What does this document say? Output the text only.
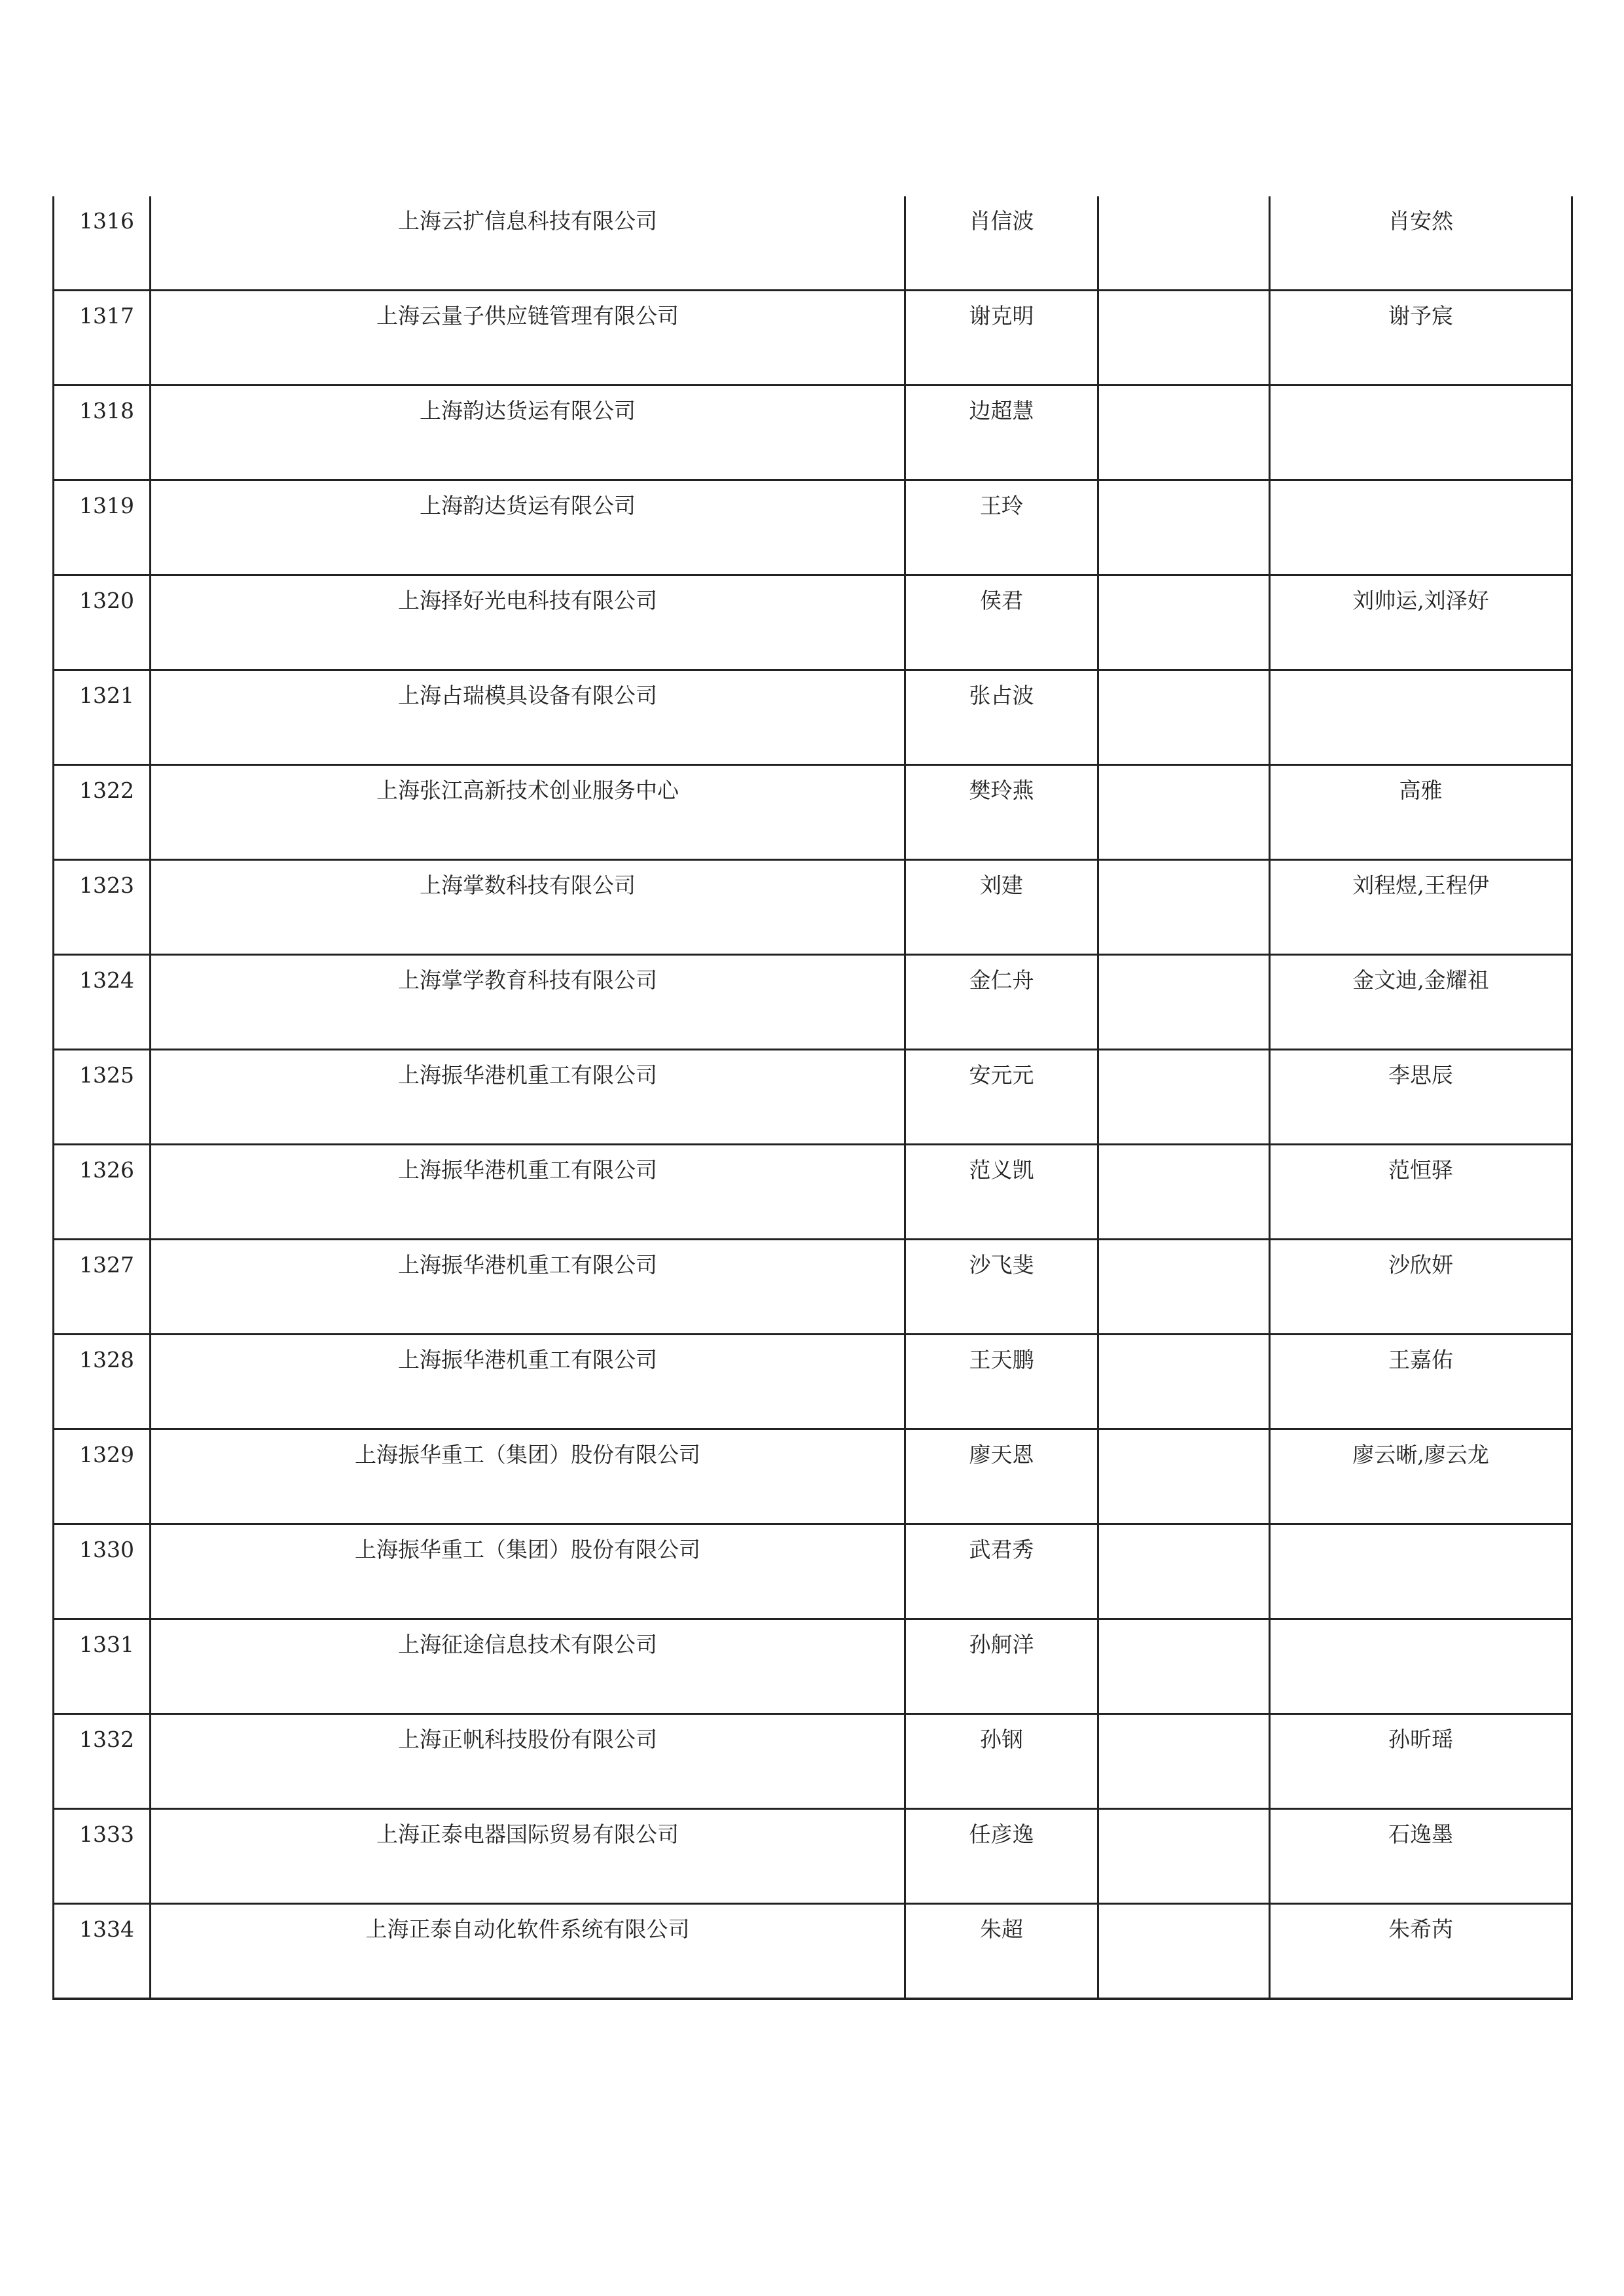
1316	上海云扩信息科技有限公司	肖信波		肖安然

1317	上海云量子供应链管理有限公司	谢克明		谢予宸

1318	上海韵达货运有限公司	边超慧		

1319	上海韵达货运有限公司	王玲		

1320	上海择好光电科技有限公司	侯君		刘帅运,刘泽好

1321	上海占瑞模具设备有限公司	张占波		

1322	上海张江高新技术创业服务中心	樊玲燕		高雅

1323	上海掌数科技有限公司	刘建		刘程煜,王程伊

1324	上海掌学教育科技有限公司	金仁舟		金文迪,金耀祖

1325	上海振华港机重工有限公司	安元元		李思辰

1326	上海振华港机重工有限公司	范义凯		范恒驿

1327	上海振华港机重工有限公司	沙飞斐		沙欣妍

1328	上海振华港机重工有限公司	王天鹏		王嘉佑

1329	上海振华重工（集团）股份有限公司	廖天恩		廖云晰,廖云龙

1330	上海振华重工（集团）股份有限公司	武君秀		

1331	上海征途信息技术有限公司	孙舸洋		

1332	上海正帆科技股份有限公司	孙钢		孙昕瑶

1333	上海正泰电器国际贸易有限公司	任彦逸		石逸墨

1334	上海正泰自动化软件系统有限公司	朱超		朱希芮
